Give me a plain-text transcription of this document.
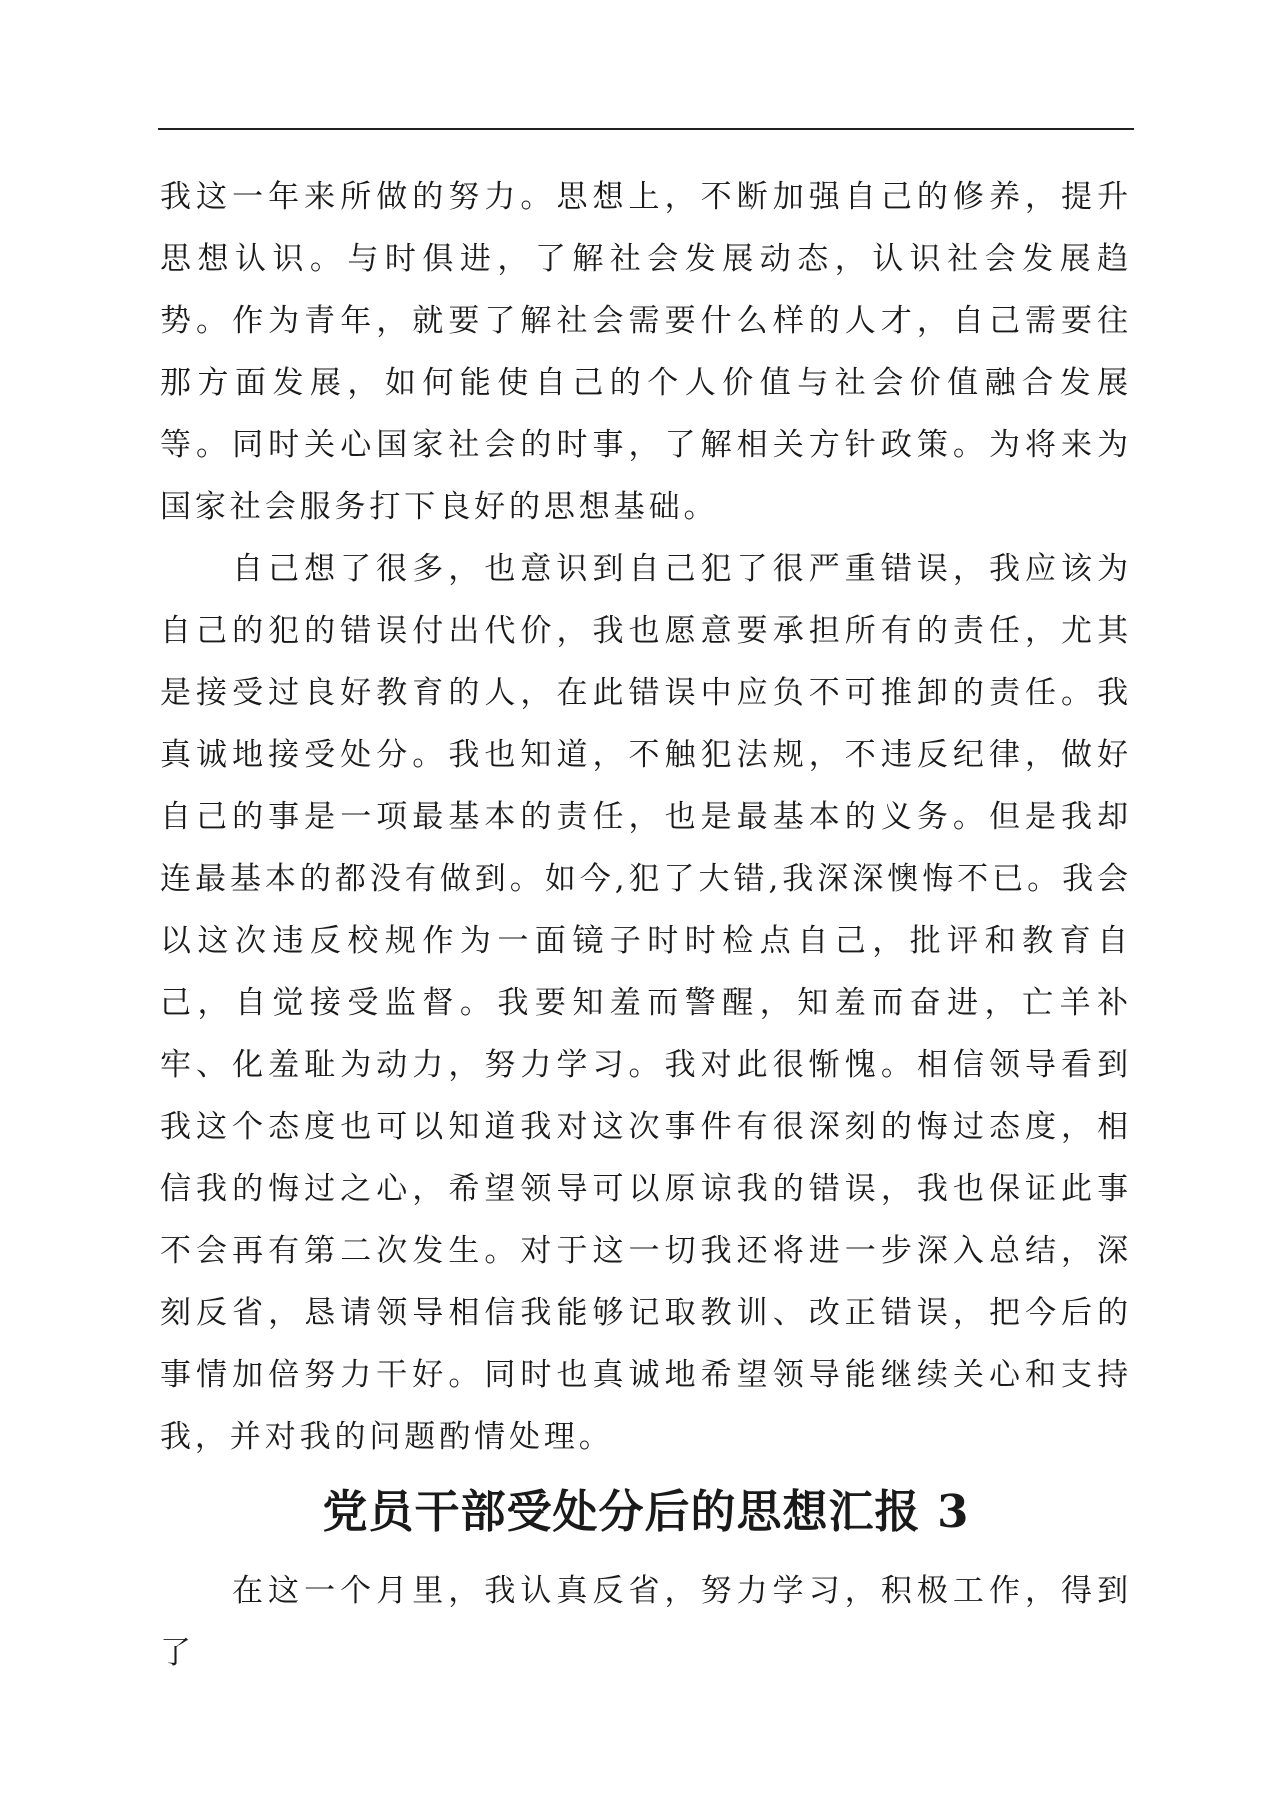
我这一年来所做的努力。思想上，不断加强自己的修养，提升思想认识。与时俱进，了解社会发展动态，认识社会发展趋势。作为青年，就要了解社会需要什么样的人才，自己需要往那方面发展，如何能使自己的个人价值与社会价值融合发展等。同时关心国家社会的时事，了解相关方针政策。为将来为国家社会服务打下良好的思想基础。

自己想了很多，也意识到自己犯了很严重错误，我应该为自己的犯的错误付出代价，我也愿意要承担所有的责任，尤其是接受过良好教育的人，在此错误中应负不可推卸的责任。我真诚地接受处分。我也知道，不触犯法规，不违反纪律，做好自己的事是一项最基本的责任，也是最基本的义务。但是我却连最基本的都没有做到。如今,犯了大错,我深深懊悔不已。我会以这次违反校规作为一面镜子时时检点自己，批评和教育自己，自觉接受监督。我要知羞而警醒，知羞而奋进，亡羊补牢、化羞耻为动力，努力学习。我对此很惭愧。相信领导看到我这个态度也可以知道我对这次事件有很深刻的悔过态度，相信我的悔过之心，希望领导可以原谅我的错误，我也保证此事不会再有第二次发生。对于这一切我还将进一步深入总结，深刻反省，恳请领导相信我能够记取教训、改正错误，把今后的事情加倍努力干好。同时也真诚地希望领导能继续关心和支持我，并对我的问题酌情处理。

党员干部受处分后的思想汇报 3

在这一个月里，我认真反省，努力学习，积极工作，得到了
